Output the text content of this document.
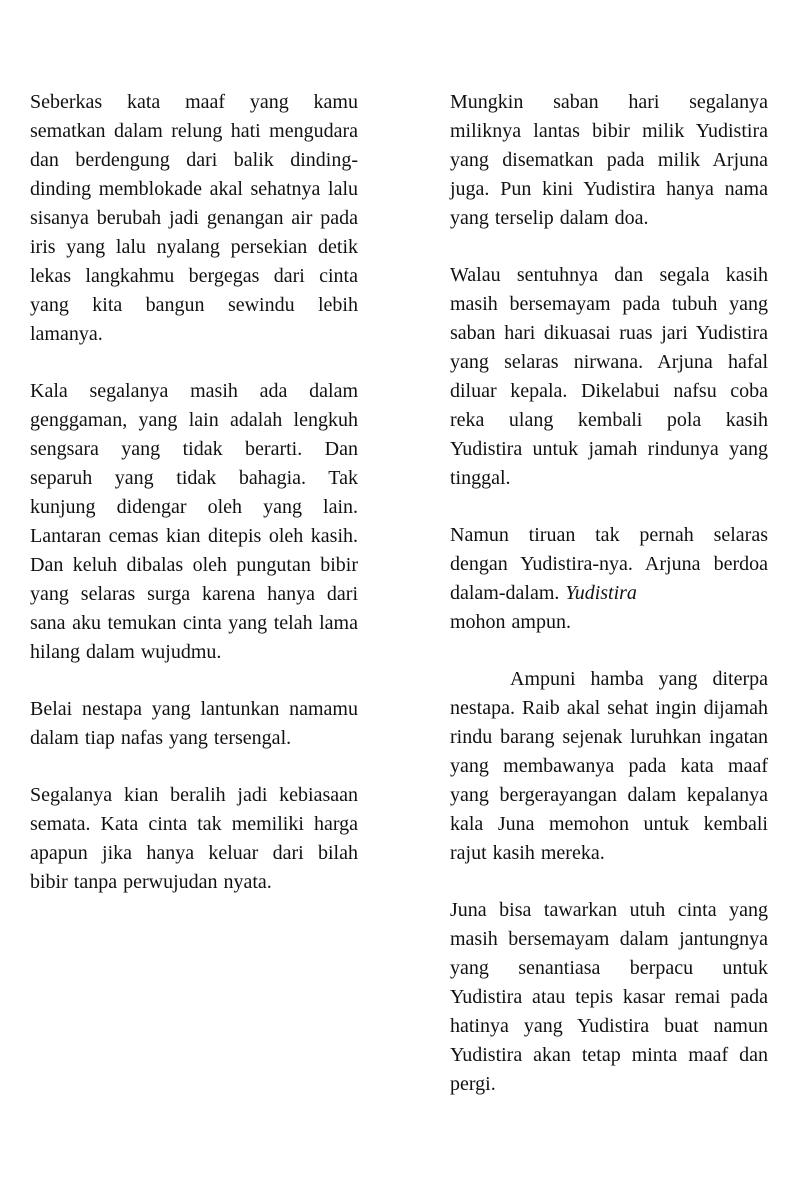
Seberkas kata maaf yang kamu sematkan dalam relung hati mengudara dan berdengung dari balik dinding-dinding memblokade akal sehatnya lalu sisanya berubah jadi genangan air pada iris yang lalu nyalang persekian detik lekas langkahmu bergegas dari cinta yang kita bangun sewindu lebih lamanya.

Kala segalanya masih ada dalam genggaman, yang lain adalah lengkuh sengsara yang tidak berarti. Dan separuh yang tidak bahagia. Tak kunjung didengar oleh yang lain. Lantaran cemas kian ditepis oleh kasih. Dan keluh dibalas oleh pungutan bibir yang selaras surga karena hanya dari sana aku temukan cinta yang telah lama hilang dalam wujudmu.

Belai nestapa yang lantunkan namamu dalam tiap nafas yang tersengal.

Segalanya kian beralih jadi kebiasaan semata. Kata cinta tak memiliki harga apapun jika hanya keluar dari bilah bibir tanpa perwujudan nyata.

Mungkin saban hari segalanya miliknya lantas bibir milik Yudistira yang disematkan pada milik Arjuna juga. Pun kini Yudistira hanya nama yang terselip dalam doa.

Walau sentuhnya dan segala kasih masih bersemayam pada tubuh yang saban hari dikuasai ruas jari Yudistira yang selaras nirwana. Arjuna hafal diluar kepala. Dikelabui nafsu coba reka ulang kembali pola kasih Yudistira untuk jamah rindunya yang tinggal.

Namun tiruan tak pernah selaras dengan Yudistira-nya. Arjuna berdoa dalam-dalam. Yudistira
mohon ampun.

Ampuni hamba yang diterpa nestapa. Raib akal sehat ingin dijamah rindu barang sejenak luruhkan ingatan yang membawanya pada kata maaf yang bergerayangan dalam kepalanya kala Juna memohon untuk kembali rajut kasih mereka.

Juna bisa tawarkan utuh cinta yang masih bersemayam dalam jantungnya yang senantiasa berpacu untuk Yudistira atau tepis kasar remai pada hatinya yang Yudistira buat namun Yudistira akan tetap minta maaf dan pergi.
